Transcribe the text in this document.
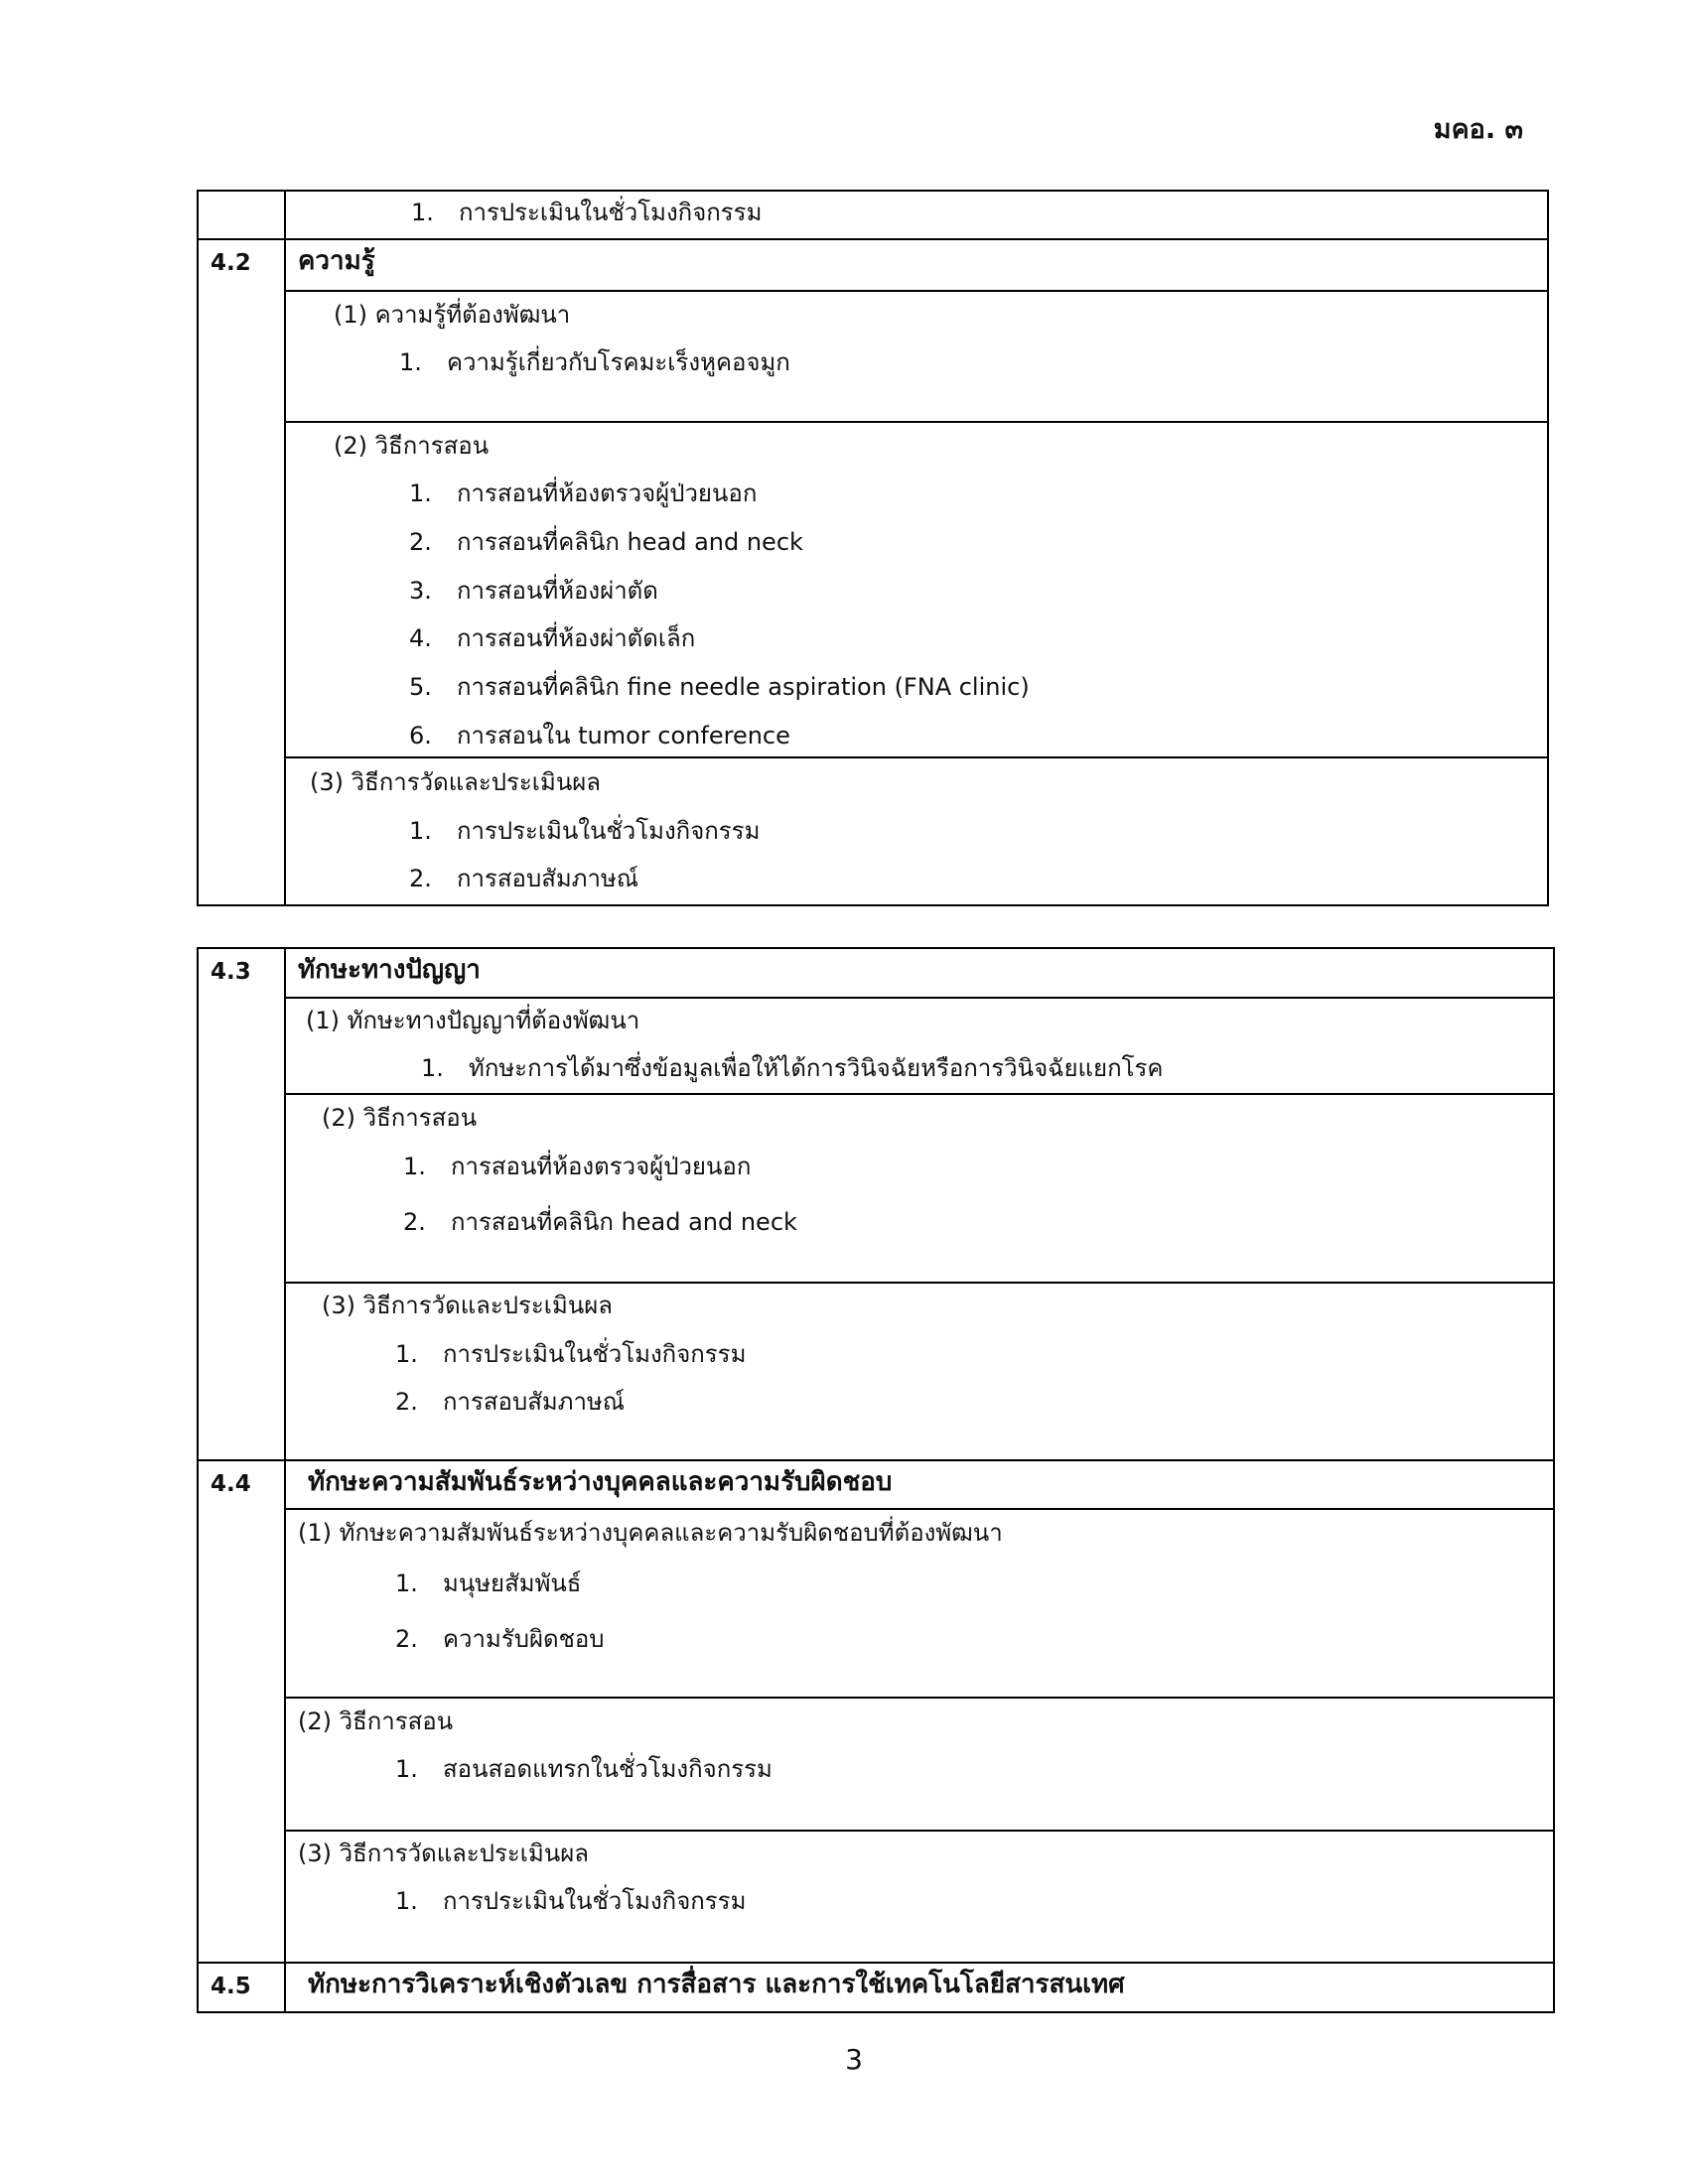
มคอ. ๓
1.	การประเมินในชั่วโมงกิจกรรม
4.2 ความรู้
(1) ความรู้ที่ต้องพัฒนา
1.	ความรู้เกี่ยวกับโรคมะเร็งหูคอจมูก
(2) วิธีการสอน
1.	การสอนที่ห้องตรวจผู้ป่วยนอก
2.	การสอนที่คลินิก head and neck
3.	การสอนที่ห้องผ่าตัด
4.	การสอนที่ห้องผ่าตัดเล็ก
5.	การสอนที่คลินิก fine needle aspiration (FNA clinic)
6.	การสอนใน tumor conference
(3) วิธีการวัดและประเมินผล
1.	การประเมินในชั่วโมงกิจกรรม
2.	การสอบสัมภาษณ์
4.3 ทักษะทางปัญญา
(1) ทักษะทางปัญญาที่ต้องพัฒนา
1.	ทักษะการได้มาซึ่งข้อมูลเพื่อให้ได้การวินิจฉัยหรือการวินิจฉัยแยกโรค
(2) วิธีการสอน
1.	การสอนที่ห้องตรวจผู้ป่วยนอก
2.	การสอนที่คลินิก head and neck
(3) วิธีการวัดและประเมินผล
1.	การประเมินในชั่วโมงกิจกรรม
2.	การสอบสัมภาษณ์
4.4 ทักษะความสัมพันธ์ระหว่างบุคคลและความรับผิดชอบ
(1) ทักษะความสัมพันธ์ระหว่างบุคคลและความรับผิดชอบที่ต้องพัฒนา
1.	มนุษยสัมพันธ์
2.	ความรับผิดชอบ
(2) วิธีการสอน
1.	สอนสอดแทรกในชั่วโมงกิจกรรม
(3) วิธีการวัดและประเมินผล
1.	การประเมินในชั่วโมงกิจกรรม
4.5 ทักษะการวิเคราะห์เชิงตัวเลข การสื่อสาร และการใช้เทคโนโลยีสารสนเทศ
3
